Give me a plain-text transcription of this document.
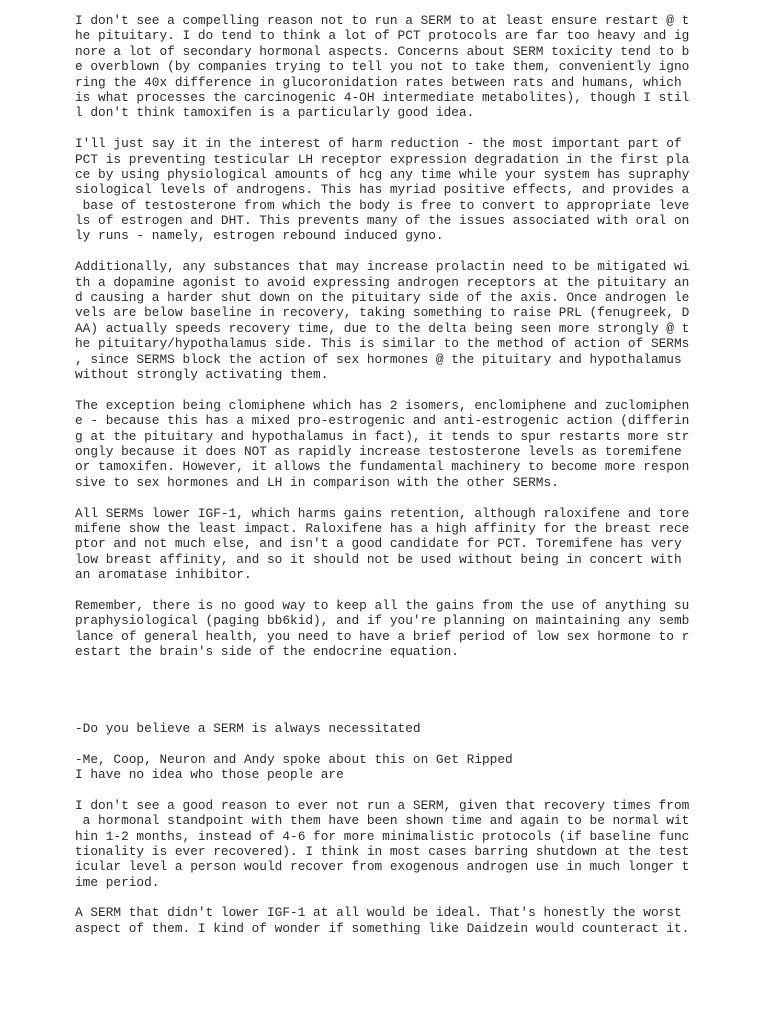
I don't see a compelling reason not to run a SERM to at least ensure restart @ t
he pituitary. I do tend to think a lot of PCT protocols are far too heavy and ig
nore a lot of secondary hormonal aspects. Concerns about SERM toxicity tend to b
e overblown (by companies trying to tell you not to take them, conveniently igno
ring the 40x difference in glucoronidation rates between rats and humans, which
is what processes the carcinogenic 4-OH intermediate metabolites), though I stil
l don't think tamoxifen is a particularly good idea.
I'll just say it in the interest of harm reduction - the most important part of
PCT is preventing testicular LH receptor expression degradation in the first pla
ce by using physiological amounts of hcg any time while your system has supraphy
siological levels of androgens. This has myriad positive effects, and provides a
base of testosterone from which the body is free to convert to appropriate leve
ls of estrogen and DHT. This prevents many of the issues associated with oral on
ly runs - namely, estrogen rebound induced gyno.
Additionally, any substances that may increase prolactin need to be mitigated wi
th a dopamine agonist to avoid expressing androgen receptors at the pituitary an
d causing a harder shut down on the pituitary side of the axis. Once androgen le
vels are below baseline in recovery, taking something to raise PRL (fenugreek, D
AA) actually speeds recovery time, due to the delta being seen more strongly @ t
he pituitary/hypothalamus side. This is similar to the method of action of SERMs
, since SERMS block the action of sex hormones @ the pituitary and hypothalamus
without strongly activating them.
The exception being clomiphene which has 2 isomers, enclomiphene and zuclomiphen
e - because this has a mixed pro-estrogenic and anti-estrogenic action (differin
g at the pituitary and hypothalamus in fact), it tends to spur restarts more str
ongly because it does NOT as rapidly increase testosterone levels as toremifene
or tamoxifen. However, it allows the fundamental machinery to become more respon
sive to sex hormones and LH in comparison with the other SERMs.
All SERMs lower IGF-1, which harms gains retention, although raloxifene and tore
mifene show the least impact. Raloxifene has a high affinity for the breast rece
ptor and not much else, and isn't a good candidate for PCT. Toremifene has very
low breast affinity, and so it should not be used without being in concert with
an aromatase inhibitor.
Remember, there is no good way to keep all the gains from the use of anything su
praphysiological (paging bb6kid), and if you're planning on maintaining any semb
lance of general health, you need to have a brief period of low sex hormone to r
estart the brain's side of the endocrine equation.
-Do you believe a SERM is always necessitated
-Me, Coop, Neuron and Andy spoke about this on Get Ripped
I have no idea who those people are
I don't see a good reason to ever not run a SERM, given that recovery times from
a hormonal standpoint with them have been shown time and again to be normal wit
hin 1-2 months, instead of 4-6 for more minimalistic protocols (if baseline func
tionality is ever recovered). I think in most cases barring shutdown at the test
icular level a person would recover from exogenous androgen use in much longer t
ime period.
A SERM that didn't lower IGF-1 at all would be ideal. That's honestly the worst
aspect of them. I kind of wonder if something like Daidzein would counteract it.
